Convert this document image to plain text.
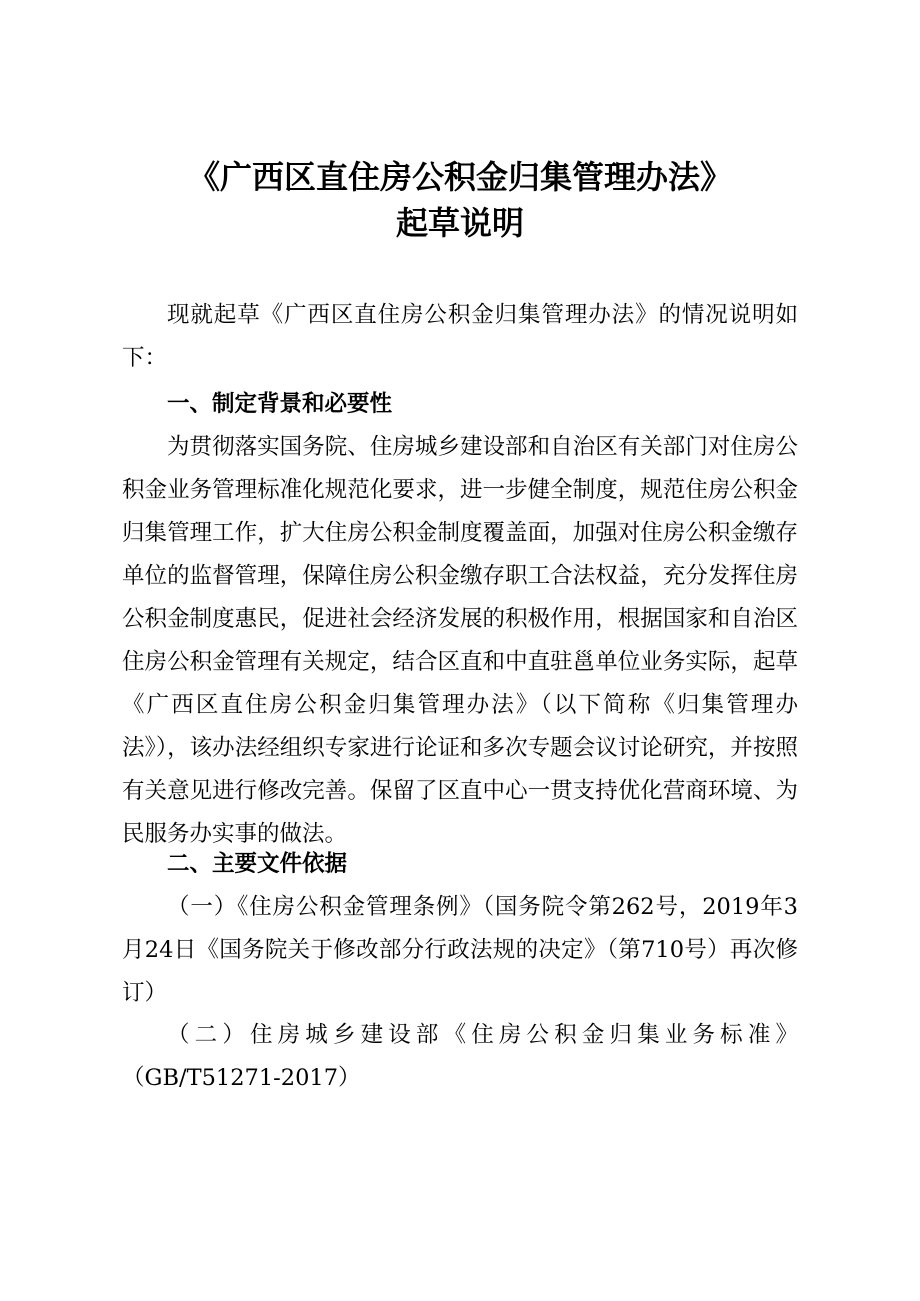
《广西区直住房公积金归集管理办法》
起草说明

现就起草《广西区直住房公积金归集管理办法》的情况说明如下：

一、制定背景和必要性

为贯彻落实国务院、住房城乡建设部和自治区有关部门对住房公积金业务管理标准化规范化要求，进一步健全制度，规范住房公积金归集管理工作，扩大住房公积金制度覆盖面，加强对住房公积金缴存单位的监督管理，保障住房公积金缴存职工合法权益，充分发挥住房公积金制度惠民，促进社会经济发展的积极作用，根据国家和自治区住房公积金管理有关规定，结合区直和中直驻邕单位业务实际，起草《广西区直住房公积金归集管理办法》（以下简称《归集管理办法》），该办法经组织专家进行论证和多次专题会议讨论研究，并按照有关意见进行修改完善。保留了区直中心一贯支持优化营商环境、为民服务办实事的做法。

二、主要文件依据

（一）《住房公积金管理条例》（国务院令第262号，2019年3月24日《国务院关于修改部分行政法规的决定》（第710号）再次修订）

（二）住房城乡建设部《住房公积金归集业务标准》（GB/T51271-2017）
